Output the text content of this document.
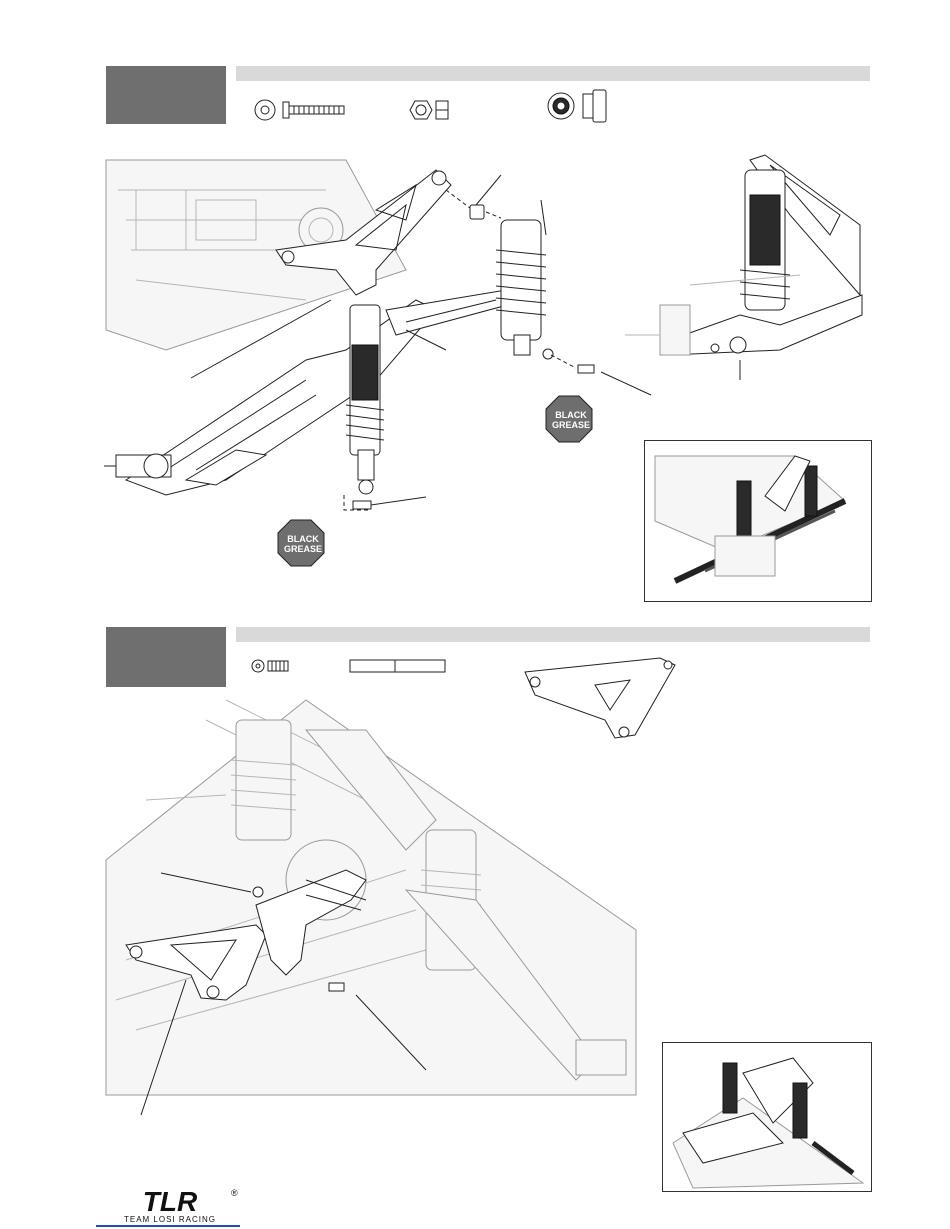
BLACK
GREASE
BLACK
GREASE
TLR
TEAM LOSI RACING
®
